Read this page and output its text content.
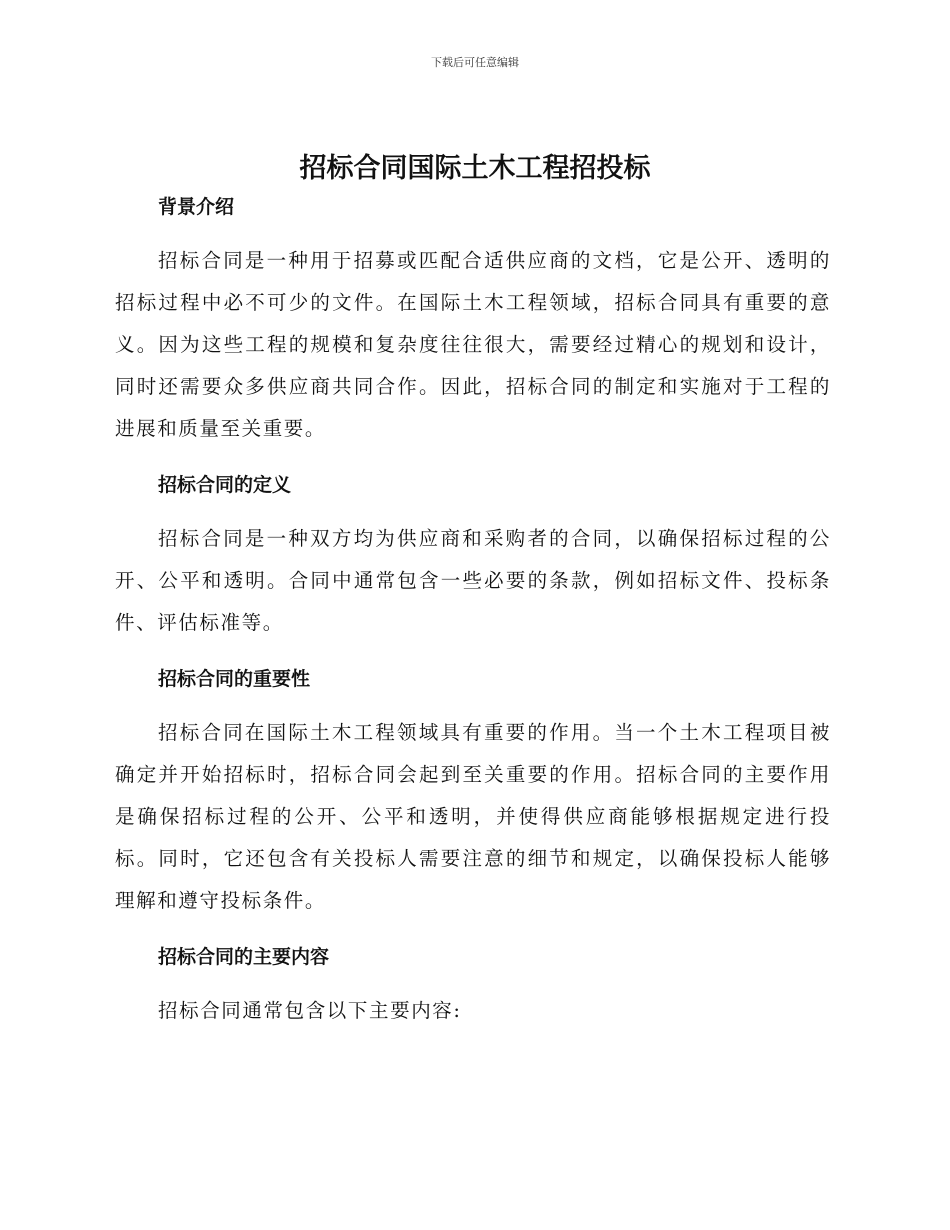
下载后可任意编辑
招标合同国际土木工程招投标
背景介绍

招标合同是一种用于招募或匹配合适供应商的文档，它是公开、透明的招标过程中必不可少的文件。在国际土木工程领域，招标合同具有重要的意义。因为这些工程的规模和复杂度往往很大，需要经过精心的规划和设计，同时还需要众多供应商共同合作。因此，招标合同的制定和实施对于工程的进展和质量至关重要。

招标合同的定义

招标合同是一种双方均为供应商和采购者的合同，以确保招标过程的公开、公平和透明。合同中通常包含一些必要的条款，例如招标文件、投标条件、评估标准等。

招标合同的重要性

招标合同在国际土木工程领域具有重要的作用。当一个土木工程项目被确定并开始招标时，招标合同会起到至关重要的作用。招标合同的主要作用是确保招标过程的公开、公平和透明，并使得供应商能够根据规定进行投标。同时，它还包含有关投标人需要注意的细节和规定，以确保投标人能够理解和遵守投标条件。

招标合同的主要内容

招标合同通常包含以下主要内容:
